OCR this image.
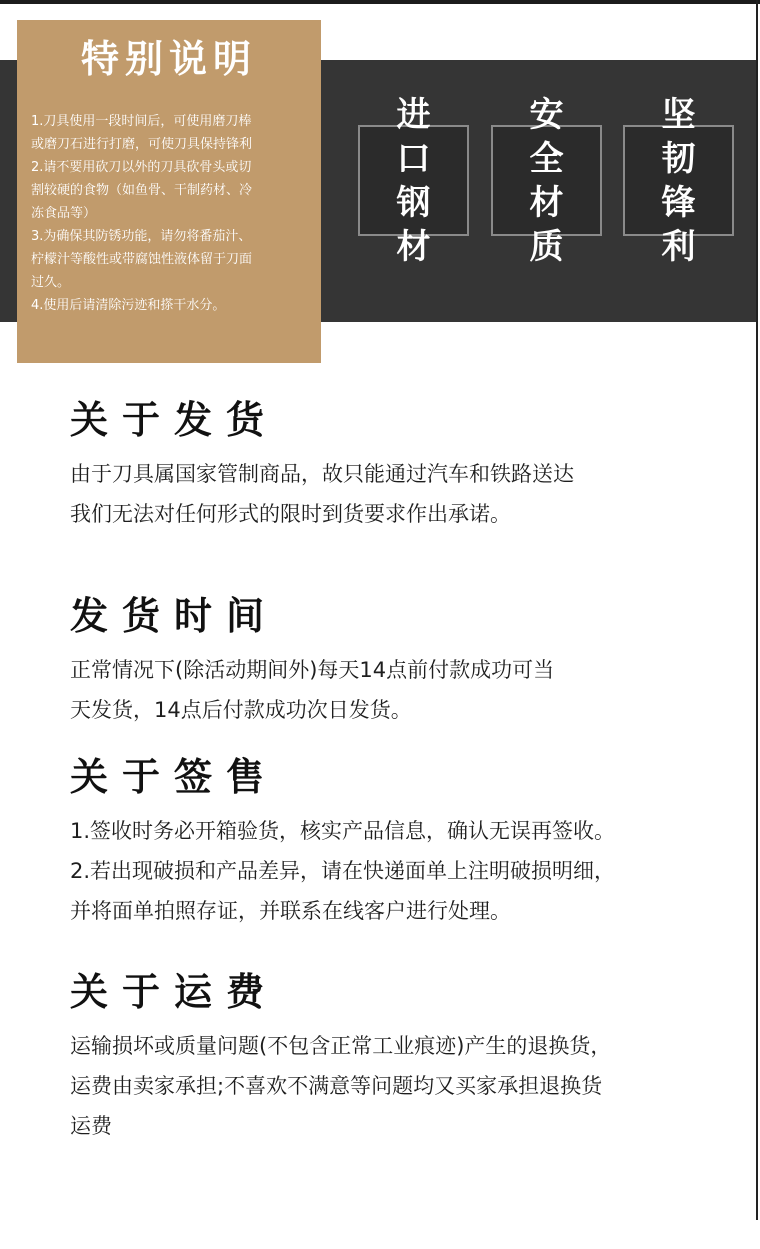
特别说明
1.刀具使用一段时间后，可使用磨刀棒
或磨刀石进行打磨，可使刀具保持锋利
2.请不要用砍刀以外的刀具砍骨头或切
割较硬的食物（如鱼骨、干制药材、冷
冻食品等）
3.为确保其防锈功能，请勿将番茄汁、
柠檬汁等酸性或带腐蚀性液体留于刀面
过久。
4.使用后请清除污迹和搽干水分。
进口
钢材
安全
材质
坚韧
锋利
关于发货

由于刀具属国家管制商品，故只能通过汽车和铁路送达
我们无法对任何形式的限时到货要求作出承诺。

发货时间

正常情况下(除活动期间外)每天14点前付款成功可当
天发货，14点后付款成功次日发货。

关于签售

1.签收时务必开箱验货，核实产品信息，确认无误再签收。
2.若出现破损和产品差异，请在快递面单上注明破损明细，
并将面单拍照存证，并联系在线客户进行处理。

关于运费

运输损坏或质量问题(不包含正常工业痕迹)产生的退换货，
运费由卖家承担;不喜欢不满意等问题均又买家承担退换货
运费
